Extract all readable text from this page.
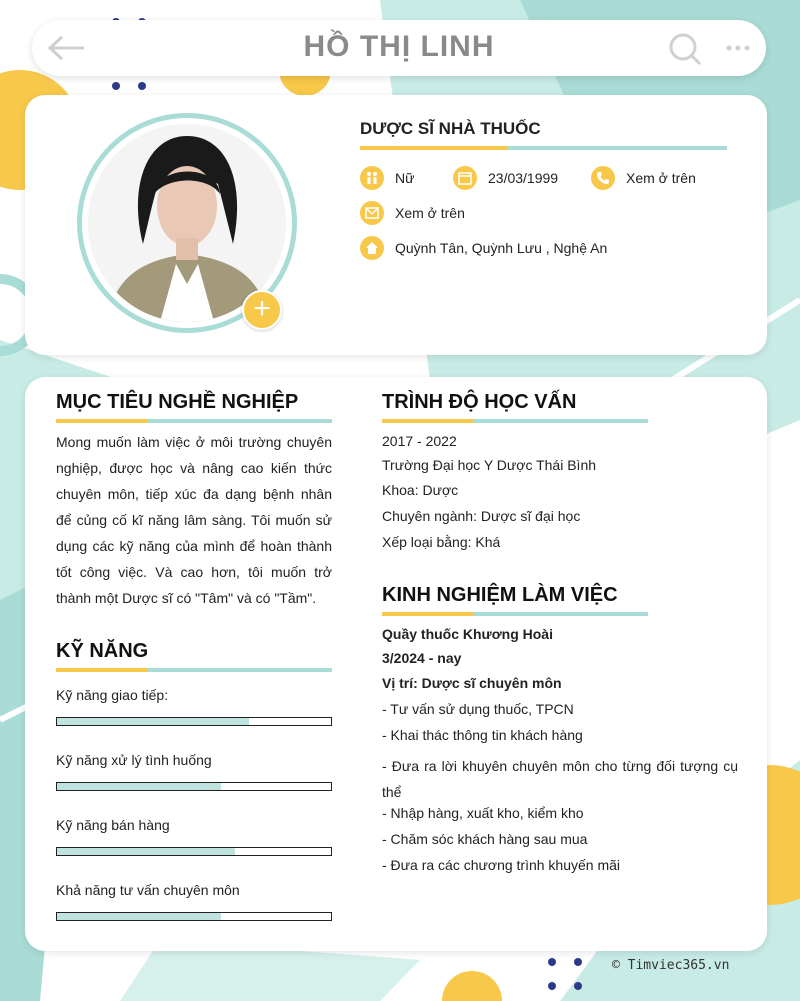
HỒ THỊ LINH
+
DƯỢC SĨ NHÀ THUỐC
Nữ	23/03/1999	Xem ở trên
Xem ở trên
Quỳnh Tân, Quỳnh Lưu , Nghệ An
MỤC TIÊU NGHỀ NGHIỆP

Mong muốn làm việc ở môi trường chuyên nghiệp, được học và nâng cao kiến thức chuyên môn, tiếp xúc đa dạng bệnh nhân để củng cố kĩ năng lâm sàng. Tôi muốn sử dụng các kỹ năng của mình để hoàn thành tốt công việc. Và cao hơn, tôi muốn trở thành một Dược sĩ có "Tâm" và có "Tầm".

KỸ NĂNG
Kỹ năng giao tiếp:
Kỹ năng xử lý tình huống
Kỹ năng bán hàng
Khả năng tư vấn chuyên môn
TRÌNH ĐỘ HỌC VẤN
2017 - 2022
Trường Đại học Y Dược Thái Bình
Khoa: Dược
Chuyên ngành: Dược sĩ đại học
Xếp loại bằng: Khá
KINH NGHIỆM LÀM VIỆC
Quầy thuốc Khương Hoài
3/2024 - nay
Vị trí: Dược sĩ chuyên môn
- Tư vấn sử dụng thuốc, TPCN
- Khai thác thông tin khách hàng
- Đưa ra lời khuyên chuyên môn cho từng đối tượng cụ thể
- Nhập hàng, xuất kho, kiểm kho
- Chăm sóc khách hàng sau mua
- Đưa ra các chương trình khuyến mãi
© Timviec365.vn
